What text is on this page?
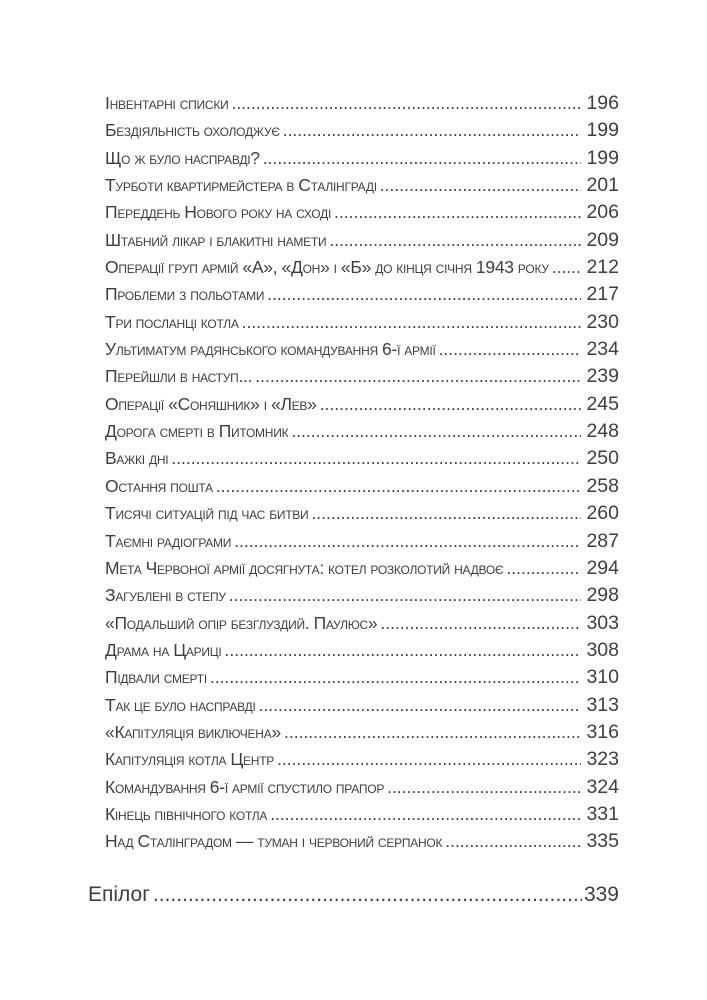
Інвентарні списки .....	196
Бездіяльність охолоджує .....	199
Що ж було насправді? .....	199
Турботи квартирмейстера в Сталінграді .....	201
Переддень Нового року на сході .....	206
Штабний лікар і блакитні намети .....	209
Операції груп армій «А», «Дон» і «Б» до кінця січня 1943 року ..... 212
Проблеми з польотами .....	217
Три посланці котла .....	230
Ультиматум радянського командування 6-ї армії .....	234
Перейшли в наступ... .....	239
Операції «Соняшник» і «Лев» .....	245
Дорога смерті в Питомник .....	248
Важкі дні .....	250
Остання пошта .....	258
Тисячі ситуацій під час битви .....	260
Таємні радіограми .....	287
Мета Червоної армії досягнута: котел розколотий надвоє .....	294
Загублені в степу .....	298
«Подальший опір безглуздий. Паулюс» .....	303
Драма на Цариці .....	308
Підвали смерті .....	310
Так це було насправді .....	313
«Капітуляція виключена» .....	316
Капітуляція котла Центр .....	323
Командування 6-ї армії спустило прапор .....	324
Кінець північного котла .....	331
Над Сталінградом — туман і червоний серпанок .....	335
Епілог .....	339
